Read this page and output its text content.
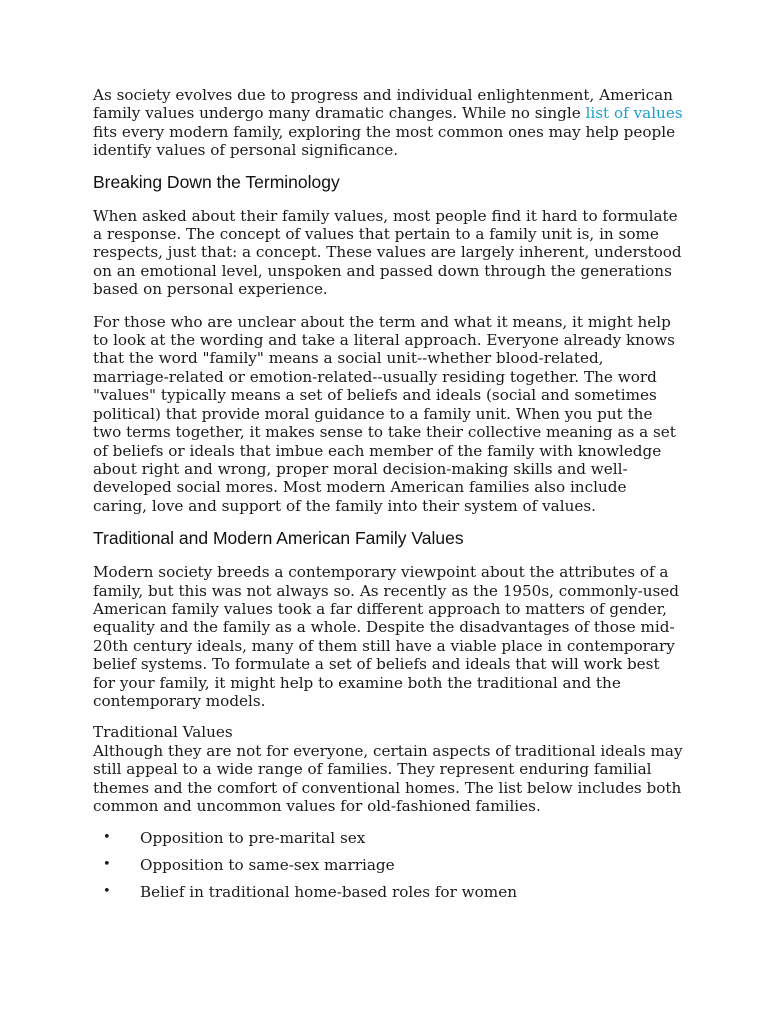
As society evolves due to progress and individual enlightenment, American family values undergo many dramatic changes. While no single list of values fits every modern family, exploring the most common ones may help people identify values of personal significance.

Breaking Down the Terminology

When asked about their family values, most people find it hard to formulate a response. The concept of values that pertain to a family unit is, in some respects, just that: a concept. These values are largely inherent, understood on an emotional level, unspoken and passed down through the generations based on personal experience.

For those who are unclear about the term and what it means, it might help to look at the wording and take a literal approach. Everyone already knows that the word "family" means a social unit--whether blood-related, marriage-related or emotion-related--usually residing together. The word "values" typically means a set of beliefs and ideals (social and sometimes political) that provide moral guidance to a family unit. When you put the two terms together, it makes sense to take their collective meaning as a set of beliefs or ideals that imbue each member of the family with knowledge about right and wrong, proper moral decision-making skills and well-developed social mores. Most modern American families also include caring, love and support of the family into their system of values.

Traditional and Modern American Family Values

Modern society breeds a contemporary viewpoint about the attributes of a family, but this was not always so. As recently as the 1950s, commonly-used American family values took a far different approach to matters of gender, equality and the family as a whole. Despite the disadvantages of those mid-20th century ideals, many of them still have a viable place in contemporary belief systems. To formulate a set of beliefs and ideals that will work best for your family, it might help to examine both the traditional and the contemporary models.

Traditional Values

Although they are not for everyone, certain aspects of traditional ideals may still appeal to a wide range of families. They represent enduring familial themes and the comfort of conventional homes. The list below includes both common and uncommon values for old-fashioned families.

• Opposition to pre-marital sex
• Opposition to same-sex marriage
• Belief in traditional home-based roles for women
